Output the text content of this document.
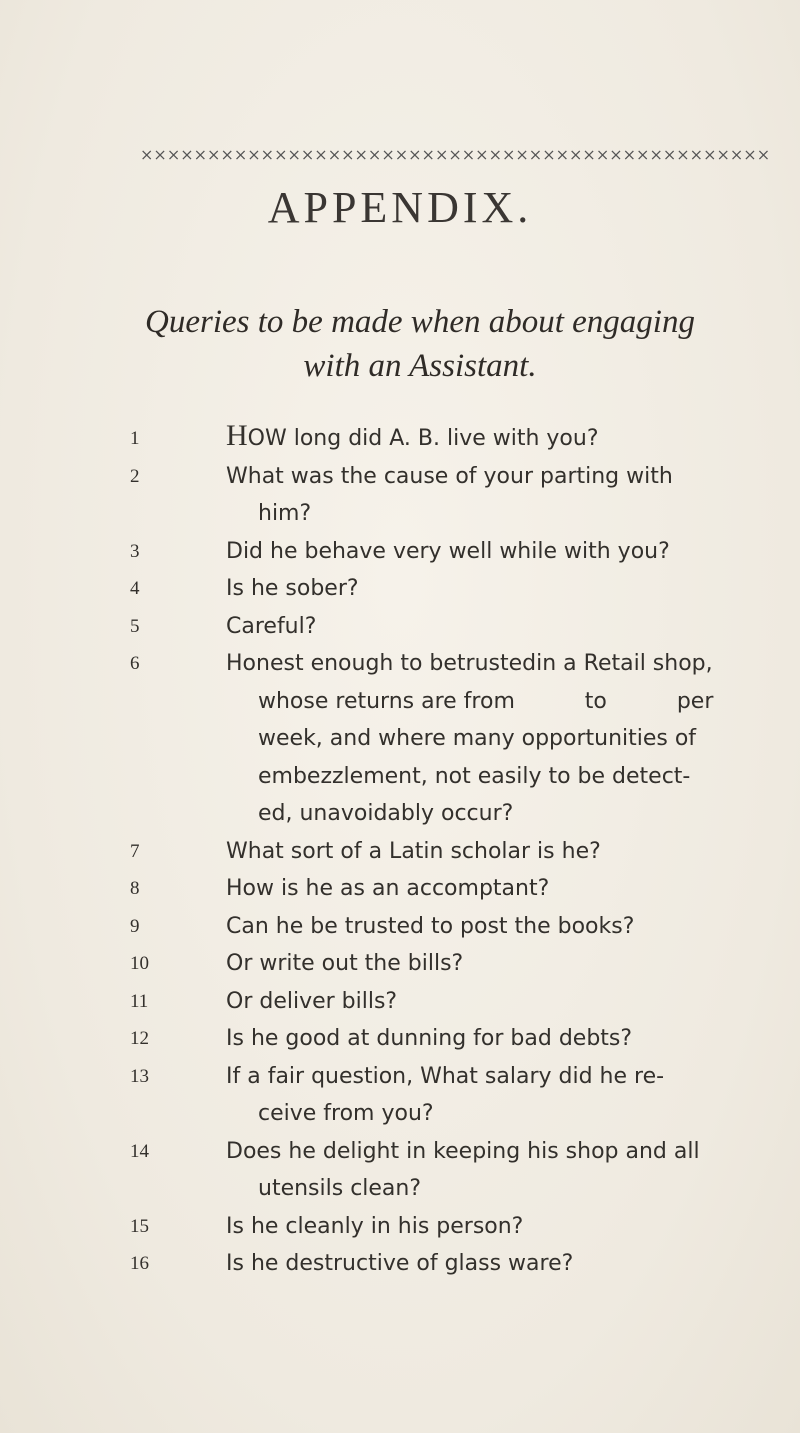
×××××××××××××××××××××××××××××××××××××××××××××××
APPENDIX.
Queries to be made when about engaging
with an Assistant.
1	HOW long did A. B. live with you?
2	What was the cause of your parting with him?
3	Did he behave very well while with you?
4	Is he sober?
5	Careful?
6	Honest enough to betrustedin a Retail shop, whose returns are from          to          per week, and where many opportunities of embezzlement, not easily to be detect-ed, unavoidably occur?
7	What sort of a Latin scholar is he?
8	How is he as an accomptant?
9	Can he be trusted to post the books?
10	Or write out the bills?
11	Or deliver bills?
12	Is he good at dunning for bad debts?
13	If a fair question, What salary did he re-ceive from you?
14	Does he delight in keeping his shop and all utensils clean?
15	Is he cleanly in his person?
16	Is he destructive of glass ware?
